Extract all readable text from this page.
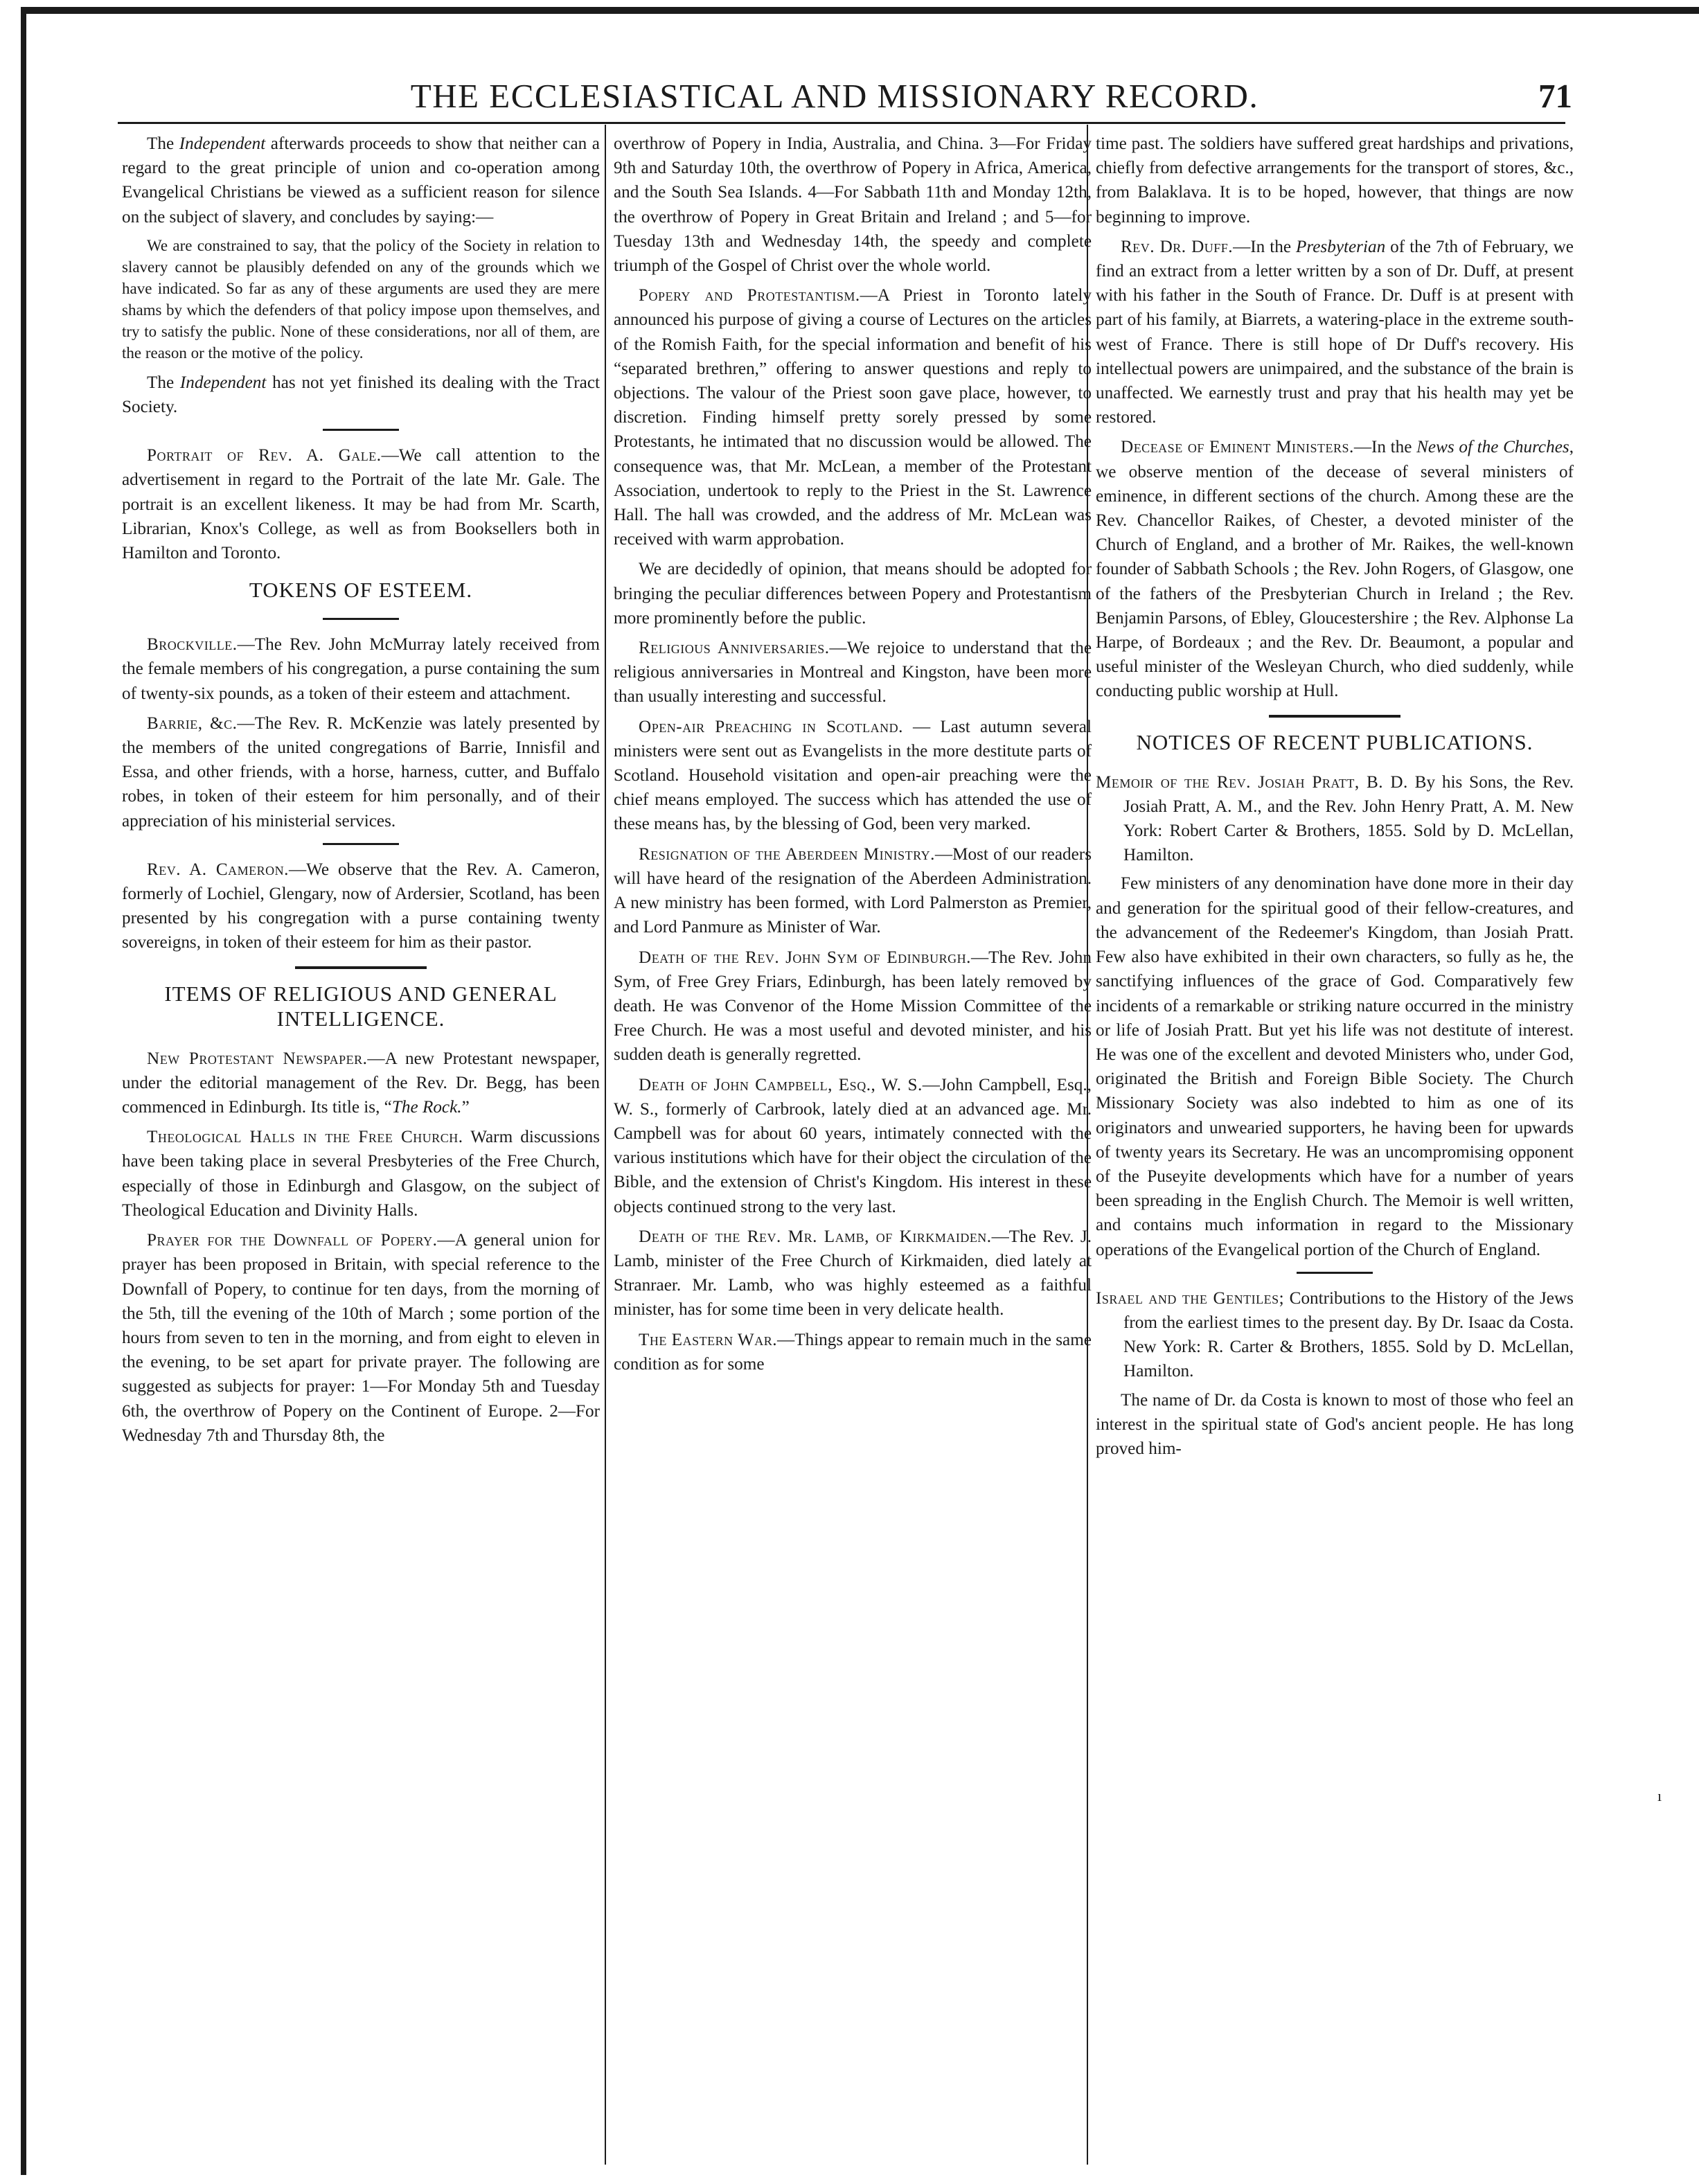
THE ECCLESIASTICAL AND MISSIONARY RECORD.	71

The Independent afterwards proceeds to show that neither can a regard to the great principle of union and co-operation among Evangelical Christians be viewed as a sufficient reason for silence on the subject of slavery, and concludes by saying:—

We are constrained to say, that the policy of the Society in relation to slavery cannot be plausibly defended on any of the grounds which we have indicated. So far as any of these arguments are used they are mere shams by which the defenders of that policy impose upon themselves, and try to satisfy the public. None of these considerations, nor all of them, are the reason or the motive of the policy.

The Independent has not yet finished its dealing with the Tract Society.

Portrait of Rev. A. Gale.—We call attention to the advertisement in regard to the Portrait of the late Mr. Gale. The portrait is an excellent likeness. It may be had from Mr. Scarth, Librarian, Knox's College, as well as from Booksellers both in Hamilton and Toronto.

TOKENS OF ESTEEM.

Brockville.—The Rev. John McMurray lately received from the female members of his congregation, a purse containing the sum of twenty-six pounds, as a token of their esteem and attachment.

Barrie, &c.—The Rev. R. McKenzie was lately presented by the members of the united congregations of Barrie, Innisfil and Essa, and other friends, with a horse, harness, cutter, and Buffalo robes, in token of their esteem for him personally, and of their appreciation of his ministerial services.

Rev. A. Cameron.—We observe that the Rev. A. Cameron, formerly of Lochiel, Glengary, now of Ardersier, Scotland, has been presented by his congregation with a purse containing twenty sovereigns, in token of their esteem for him as their pastor.

ITEMS OF RELIGIOUS AND GENERAL INTELLIGENCE.

New Protestant Newspaper.—A new Protestant newspaper, under the editorial management of the Rev. Dr. Begg, has been commenced in Edinburgh. Its title is, “The Rock.”

Theological Halls in the Free Church. Warm discussions have been taking place in several Presbyteries of the Free Church, especially of those in Edinburgh and Glasgow, on the subject of Theological Education and Divinity Halls.

Prayer for the Downfall of Popery.—A general union for prayer has been proposed in Britain, with special reference to the Downfall of Popery, to continue for ten days, from the morning of the 5th, till the evening of the 10th of March ; some portion of the hours from seven to ten in the morning, and from eight to eleven in the evening, to be set apart for private prayer. The following are suggested as subjects for prayer: 1—For Monday 5th and Tuesday 6th, the overthrow of Popery on the Continent of Europe. 2—For Wednesday 7th and Thursday 8th, the

overthrow of Popery in India, Australia, and China. 3—For Friday 9th and Saturday 10th, the overthrow of Popery in Africa, America, and the South Sea Islands. 4—For Sabbath 11th and Monday 12th, the overthrow of Popery in Great Britain and Ireland ; and 5—for Tuesday 13th and Wednesday 14th, the speedy and complete triumph of the Gospel of Christ over the whole world.

Popery and Protestantism.—A Priest in Toronto lately announced his purpose of giving a course of Lectures on the articles of the Romish Faith, for the special information and benefit of his “separated brethren,” offering to answer questions and reply to objections. The valour of the Priest soon gave place, however, to discretion. Finding himself pretty sorely pressed by some Protestants, he intimated that no discussion would be allowed. The consequence was, that Mr. McLean, a member of the Protestant Association, undertook to reply to the Priest in the St. Lawrence Hall. The hall was crowded, and the address of Mr. McLean was received with warm approbation.

We are decidedly of opinion, that means should be adopted for bringing the peculiar differences between Popery and Protestantism more prominently before the public.

Religious Anniversaries.—We rejoice to understand that the religious anniversaries in Montreal and Kingston, have been more than usually interesting and successful.

Open-air Preaching in Scotland. — Last autumn several ministers were sent out as Evangelists in the more destitute parts of Scotland. Household visitation and open-air preaching were the chief means employed. The success which has attended the use of these means has, by the blessing of God, been very marked.

Resignation of the Aberdeen Ministry.—Most of our readers will have heard of the resignation of the Aberdeen Administration. A new ministry has been formed, with Lord Palmerston as Premier, and Lord Panmure as Minister of War.

Death of the Rev. John Sym of Edinburgh.—The Rev. John Sym, of Free Grey Friars, Edinburgh, has been lately removed by death. He was Convenor of the Home Mission Committee of the Free Church. He was a most useful and devoted minister, and his sudden death is generally regretted.

Death of John Campbell, Esq., W. S.—John Campbell, Esq., W. S., formerly of Carbrook, lately died at an advanced age. Mr. Campbell was for about 60 years, intimately connected with the various institutions which have for their object the circulation of the Bible, and the extension of Christ's Kingdom. His interest in these objects continued strong to the very last.

Death of the Rev. Mr. Lamb, of Kirkmaiden.—The Rev. J. Lamb, minister of the Free Church of Kirkmaiden, died lately at Stranraer. Mr. Lamb, who was highly esteemed as a faithful minister, has for some time been in very delicate health.

The Eastern War.—Things appear to remain much in the same condition as for some

time past. The soldiers have suffered great hardships and privations, chiefly from defective arrangements for the transport of stores, &c., from Balaklava. It is to be hoped, however, that things are now beginning to improve.

Rev. Dr. Duff.—In the Presbyterian of the 7th of February, we find an extract from a letter written by a son of Dr. Duff, at present with his father in the South of France. Dr. Duff is at present with part of his family, at Biarrets, a watering-place in the extreme south-west of France. There is still hope of Dr Duff's recovery. His intellectual powers are unimpaired, and the substance of the brain is unaffected. We earnestly trust and pray that his health may yet be restored.

Decease of Eminent Ministers.—In the News of the Churches, we observe mention of the decease of several ministers of eminence, in different sections of the church. Among these are the Rev. Chancellor Raikes, of Chester, a devoted minister of the Church of England, and a brother of Mr. Raikes, the well-known founder of Sabbath Schools ; the Rev. John Rogers, of Glasgow, one of the fathers of the Presbyterian Church in Ireland ; the Rev. Benjamin Parsons, of Ebley, Gloucestershire ; the Rev. Alphonse La Harpe, of Bordeaux ; and the Rev. Dr. Beaumont, a popular and useful minister of the Wesleyan Church, who died suddenly, while conducting public worship at Hull.

NOTICES OF RECENT PUBLICATIONS.

Memoir of the Rev. Josiah Pratt, B. D. By his Sons, the Rev. Josiah Pratt, A. M., and the Rev. John Henry Pratt, A. M. New York: Robert Carter & Brothers, 1855. Sold by D. McLellan, Hamilton.

Few ministers of any denomination have done more in their day and generation for the spiritual good of their fellow-creatures, and the advancement of the Redeemer's Kingdom, than Josiah Pratt. Few also have exhibited in their own characters, so fully as he, the sanctifying influences of the grace of God. Comparatively few incidents of a remarkable or striking nature occurred in the ministry or life of Josiah Pratt. But yet his life was not destitute of interest. He was one of the excellent and devoted Ministers who, under God, originated the British and Foreign Bible Society. The Church Missionary Society was also indebted to him as one of its originators and unwearied supporters, he having been for upwards of twenty years its Secretary. He was an uncompromising opponent of the Puseyite developments which have for a number of years been spreading in the English Church. The Memoir is well written, and contains much information in regard to the Missionary operations of the Evangelical portion of the Church of England.

Israel and the Gentiles; Contributions to the History of the Jews from the earliest times to the present day. By Dr. Isaac da Costa. New York: R. Carter & Brothers, 1855. Sold by D. McLellan, Hamilton.

The name of Dr. da Costa is known to most of those who feel an interest in the spiritual state of God's ancient people. He has long proved him-

ı
